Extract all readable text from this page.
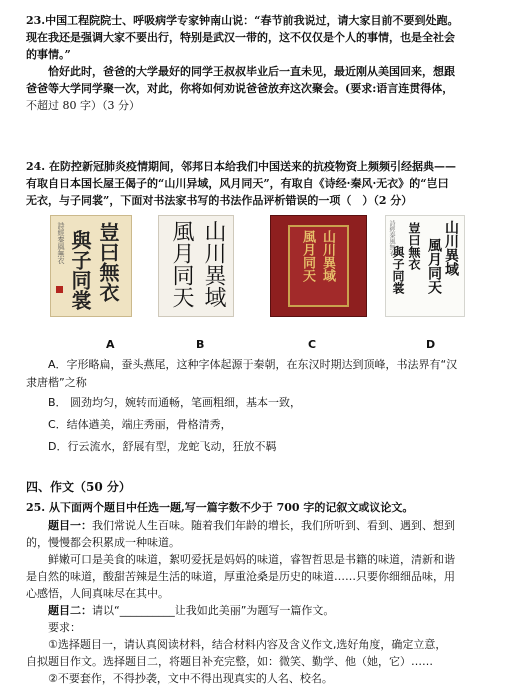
23.中国工程院院士、呼吸病学专家钟南山说：“春节前我说过，请大家目前不要到处跑。

现在我还是强调大家不要出行，特别是武汉一带的，这不仅仅是个人的事情，也是全社会

的事情。”

恰好此时，爸爸的大学最好的同学王叔叔毕业后一直未见，最近刚从美国回来，想跟

爸爸等大学同学聚一次，对此，你将如何劝说爸爸放弃这次聚会。(要求:语言连贯得体，

不超过 80 字）（3 分）

24. 在防控新冠肺炎疫情期间，邻邦日本给我们中国送来的抗疫物资上频频引经据典——

有取自日本国长屋王偈子的“山川异域，风月同天”，有取自《诗经·秦风·无衣》的“岂曰

无衣，与子同裳”，下面对书法家书写的书法作品评析错误的一项（　）（2 分）

豈曰無衣
與子同裳
詩經秦風無衣	山川異域
風月同天	山川異域
風月同天	山川異域
風月同天
豈曰無衣
與子同裳
詩經秦風無衣
A	B	C	D

A．字形略扁，蚕头燕尾，这种字体起源于秦朝，在东汉时期达到顶峰，书法界有“汉

隶唐楷”之称

B． 圆劲均匀，婉转而通畅，笔画粗细，基本一致，

C．结体遒美，端庄秀丽，骨格清秀，

D．行云流水，舒展有型，龙蛇飞动，狂放不羁

四、作文（50 分）

25. 从下面两个题目中任选一题,写一篇字数不少于 700 字的记叙文或议论文。

题目一：我们常说人生百味。随着我们年龄的增长，我们所听到、看到、遇到、想到

的，慢慢都会积累成一种味道。

鲜嫩可口是美食的味道，絮叨爱抚是妈妈的味道，睿智哲思是书籍的味道，清新和谐

是自然的味道，酸甜苦辣是生活的味道，厚重沧桑是历史的味道……只要你细细品味，用

心感悟，人间真味尽在其中。

题目二：请以“__________让我如此美丽”为题写一篇作文。

要求：

①选择题目一，请认真阅读材料，结合材料内容及含义作文,选好角度，确定立意，

自拟题目作文。选择题目二，将题目补充完整，如：微笑、勤学、他（她，它）……

②不要套作，不得抄袭，文中不得出现真实的人名、校名。
